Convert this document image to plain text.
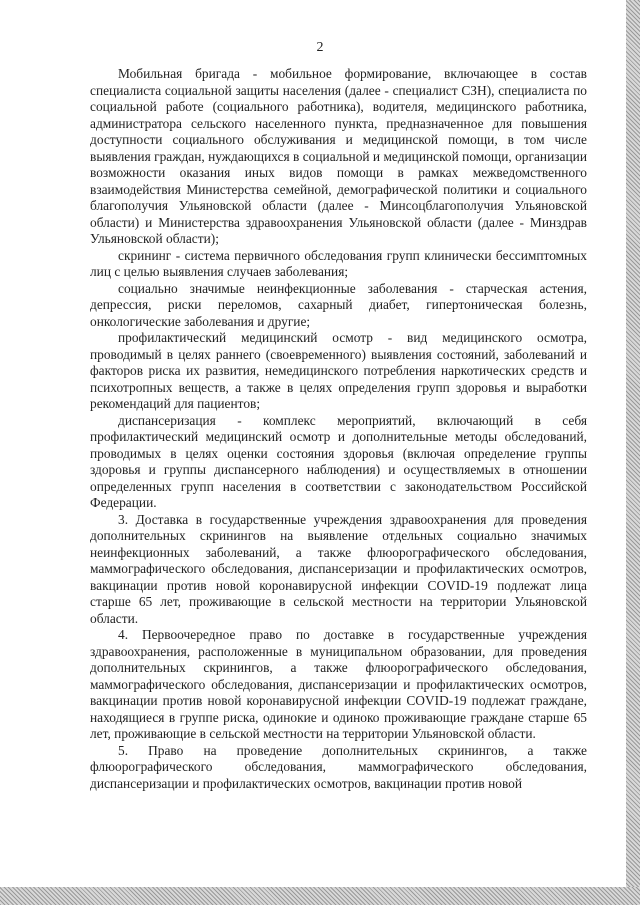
2

Мобильная бригада - мобильное формирование, включающее в состав специалиста социальной защиты населения (далее - специалист СЗН), специалиста по социальной работе (социального работника), водителя, медицинского работника, администратора сельского населенного пункта, предназначенное для повышения доступности социального обслуживания и медицинской помощи, в том числе выявления граждан, нуждающихся в социальной и медицинской помощи, организации возможности оказания иных видов помощи в рамках межведомственного взаимодействия Министерства семейной, демографической политики и социального благополучия Ульяновской области (далее - Минсоцблагополучия Ульяновской области) и Министерства здравоохранения Ульяновской области (далее - Минздрав Ульяновской области);

скрининг - система первичного обследования групп клинически бессимптомных лиц с целью выявления случаев заболевания;

социально значимые неинфекционные заболевания - старческая астения, депрессия, риски переломов, сахарный диабет, гипертоническая болезнь, онкологические заболевания и другие;

профилактический медицинский осмотр - вид медицинского осмотра, проводимый в целях раннего (своевременного) выявления состояний, заболеваний и факторов риска их развития, немедицинского потребления наркотических средств и психотропных веществ, а также в целях определения групп здоровья и выработки рекомендаций для пациентов;

диспансеризация - комплекс мероприятий, включающий в себя профилактический медицинский осмотр и дополнительные методы обследований, проводимых в целях оценки состояния здоровья (включая определение группы здоровья и группы диспансерного наблюдения) и осуществляемых в отношении определенных групп населения в соответствии с законодательством Российской Федерации.

3. Доставка в государственные учреждения здравоохранения для проведения дополнительных скринингов на выявление отдельных социально значимых неинфекционных заболеваний, а также флюорографического обследования, маммографического обследования, диспансеризации и профилактических осмотров, вакцинации против новой коронавирусной инфекции COVID-19 подлежат лица старше 65 лет, проживающие в сельской местности на территории Ульяновской области.

4. Первоочередное право по доставке в государственные учреждения здравоохранения, расположенные в муниципальном образовании, для проведения дополнительных скринингов, а также флюорографического обследования, маммографического обследования, диспансеризации и профилактических осмотров, вакцинации против новой коронавирусной инфекции COVID-19 подлежат граждане, находящиеся в группе риска, одинокие и одиноко проживающие граждане старше 65 лет, проживающие в сельской местности на территории Ульяновской области.

5. Право на проведение дополнительных скринингов, а также флюорографического обследования, маммографического обследования, диспансеризации и профилактических осмотров, вакцинации против новой
